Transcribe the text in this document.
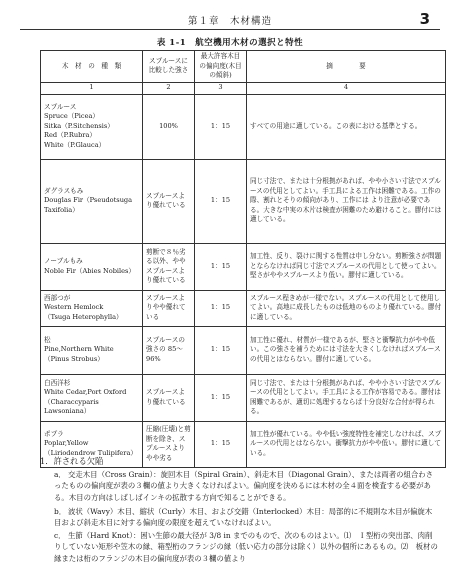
第１章　木材構造	3
表 1-1　航空機用木材の選択と特性
木　材　の　種　類	スプルースに比較した強さ	最大許容木目の偏向度(木目の傾斜)	摘　　　　要
1	2	3	4

スプルース
Spruce（Picea）
Sitka（P.Sitchensis）
Red（P.Rubra）
White（P.Glauca）	100%	1：15	すべての用途に適している。この表における基準とする。

ダグラスもみ
Douglas Fir（Pseudotsuga
Taxifolia）	スプルースより優れている	1：15	同じ寸法で、または十分根拠があれば、やや小さい寸法でスプルースの代用としてよい。手工具による工作は困難である。工作の際、割れとそりの傾向があり、工作には より注意が必要である。大きな中実の木片は検査が困難のため避けること。膠付には適している。

ノーブルもみ
Noble Fir（Abies Nobiles）	剪断で８％劣る以外、ややスプルースより優れている	1：15	加工性、反り、裂けに関する性質は申し分ない。剪断強さが問題とならなければ同じ寸法でスプルースの代用として使ってよい。堅さがややスプルースより低い。膠付に適している。

西部つが
Western Hemlock
（Tsuga Heterophylla）	スプルースよりやや優れている	1：15	スプルース程きめが一様でない。スプルースの代用として使用してよい。高地に成長したものは低地のものより優れている。膠付に適している。

松
Pine,Northern White
（Pinus Strobus）	スプルースの強さの 85～96%	1：15	加工性に優れ、材質が一様であるが、堅さと衝撃抗力がやや低い。この強さを補うためには寸法を大きくしなければスプルースの代用とはならない。膠付に適している。

白西洋杉
White Cedar,Port Oxford
（Characcyparis Lawsoniana）	スプルースより優れている	1：15	同じ寸法で、または十分根拠があれば、やや小さい寸法でスプルースの代用としてよい。手工具による工作が容易である。膠付は困難であるが、適切に処理するならば十分良好な合付が得られる。

ポプラ
Poplar,Yellow
（Liriodendrow Tulipifera）	圧縮(圧壊)と剪断を除き、スプルースよりやや劣る	1：15	加工性が優れている。やや低い強度特性を補完しなければ、スプルースの代用とはならない。衝撃抗力がやや低い。膠付に適している。
1．許される欠陥
a． 交走木目（Cross Grain）：旋回木目（Spiral Grain）、斜走木目（Diagonal Grain）、または両者の組合わさったものの偏向度が表の３欄の値より大きくなければよい。偏向度を決めるには木材の全４面を検査する必要がある。木目の方向はしばしばインキの拡散する方向で知ることができる。
b． 波状（Wavy）木目、縮状（Curly）木目、および交錯（Interlocked）木目：局部的に不規則な木目が偏旋木目および斜走木目に対する偏向度の限度を超えていなければよい。
c． 生節（Hard Knot）：困い生節の最大径が 3/8 in までのもので、次のものはよい。⑴　Ｉ型桁の突出部、肉削りしていない矩形や笠木の縁、箱型桁のフランジの縁（低い応力の部分は除く）以外の個所にあるもの。⑵　板材の縁または桁のフランジの木目の偏向度が表の３欄の値より
